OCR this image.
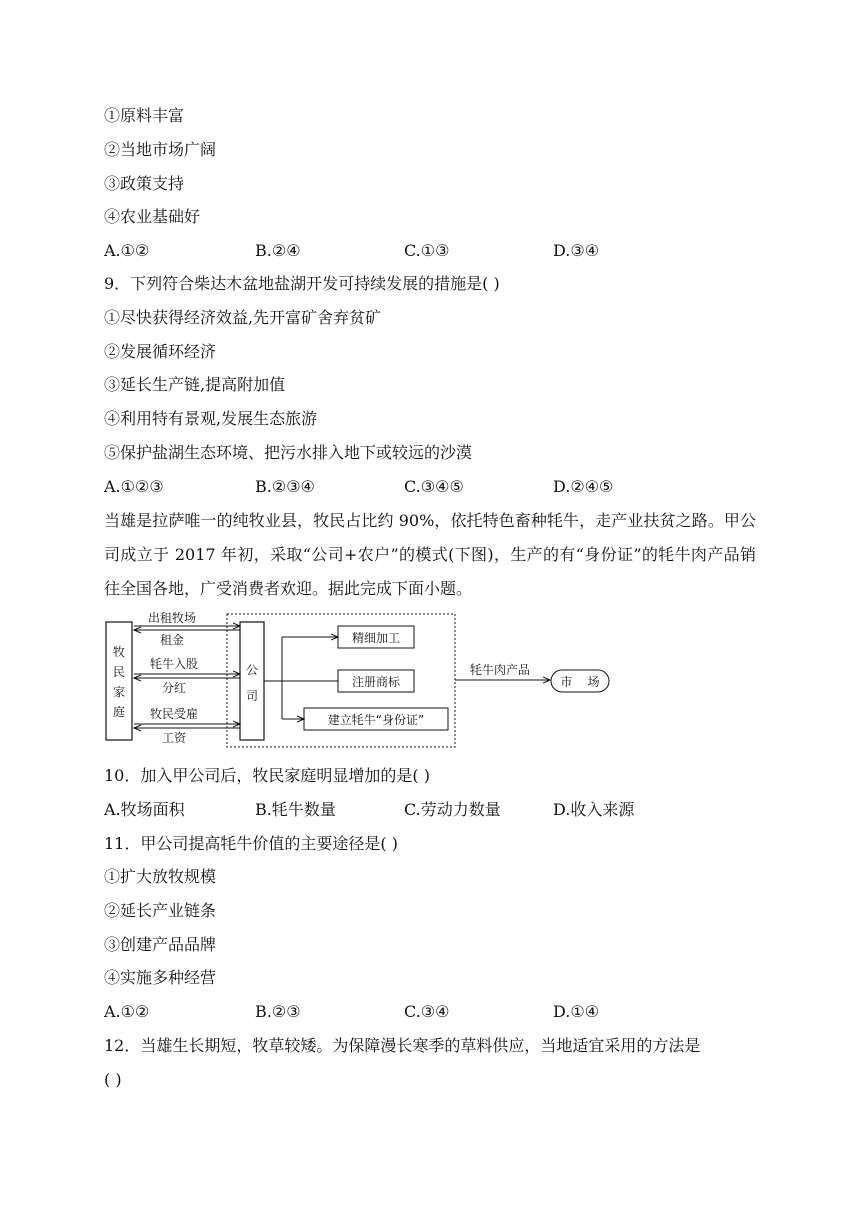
①原料丰富
②当地市场广阔
③政策支持
④农业基础好
A.①②	B.②④	C.①③	D.③④
9．下列符合柴达木盆地盐湖开发可持续发展的措施是( )
①尽快获得经济效益,先开富矿舍弃贫矿
②发展循环经济
③延长生产链,提高附加值
④利用特有景观,发展生态旅游
⑤保护盐湖生态环境、把污水排入地下或较远的沙漠
A.①②③	B.②③④	C.③④⑤	D.②④⑤

当雄是拉萨唯一的纯牧业县，牧民占比约 90%，依托特色畜种牦牛，走产业扶贫之路。甲公司成立于 2017 年初，采取“公司+农户”的模式(下图)，生产的有“身份证”的牦牛肉产品销往全国各地，广受消费者欢迎。据此完成下面小题。

牧
民
家
庭
公
司
出租牧场
租金
牦牛入股
分红
牧民受雇
工资
精细加工
注册商标
建立牦牛“身份证”
牦牛肉产品
市    场
10．加入甲公司后，牧民家庭明显增加的是( )
A.牧场面积	B.牦牛数量	C.劳动力数量	D.收入来源
11．甲公司提高牦牛价值的主要途径是( )
①扩大放牧规模
②延长产业链条
③创建产品品牌
④实施多种经营
A.①②	B.②③	C.③④	D.①④
12．当雄生长期短，牧草较矮。为保障漫长寒季的草料供应，当地适宜采用的方法是
( )
